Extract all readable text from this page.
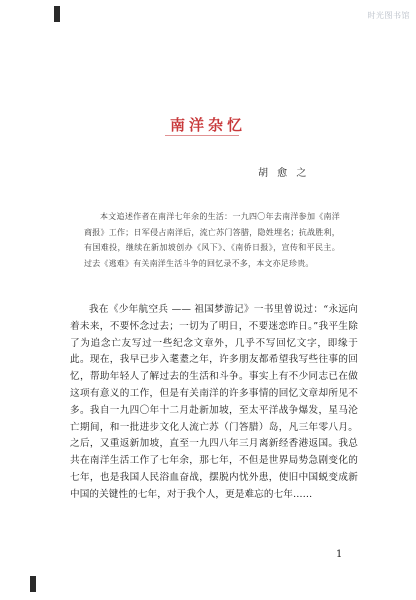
时光图书馆
南洋杂忆
胡 愈 之

本文追述作者在南洋七年余的生活：一九四〇年去南洋参加《南洋商报》工作；日军侵占南洋后，流亡苏门答腊，隐姓埋名；抗战胜利，有国难投，继续在新加坡创办《风下》、《南侨日报》，宣传和平民主。过去《逃难》有关南洋生活斗争的回忆录不多，本文亦足珍贵。

我在《少年航空兵 —— 祖国梦游记》一书里曾说过：“永远向着未来，不要怀念过去；一切为了明日，不要迷恋昨日。”我平生除了为追念亡友写过一些纪念文章外，几乎不写回忆文字，即缘于此。现在，我早已步入耄耋之年，许多朋友都希望我写些往事的回忆，帮助年轻人了解过去的生活和斗争。事实上有不少同志已在做这项有意义的工作，但是有关南洋的许多事情的回忆文章却所见不多。我自一九四〇年十二月赴新加坡，至太平洋战争爆发，星马沦亡期间，和一批进步文化人流亡苏（门答腊）岛，凡三年零八月。之后，又重返新加坡，直至一九四八年三月离新经香港返国。我总共在南洋生活工作了七年余，那七年，不但是世界局势急剧变化的七年，也是我国人民浴血奋战，摆脱内忧外患，使旧中国蜕变成新中国的关键性的七年，对于我个人，更是难忘的七年……

1
